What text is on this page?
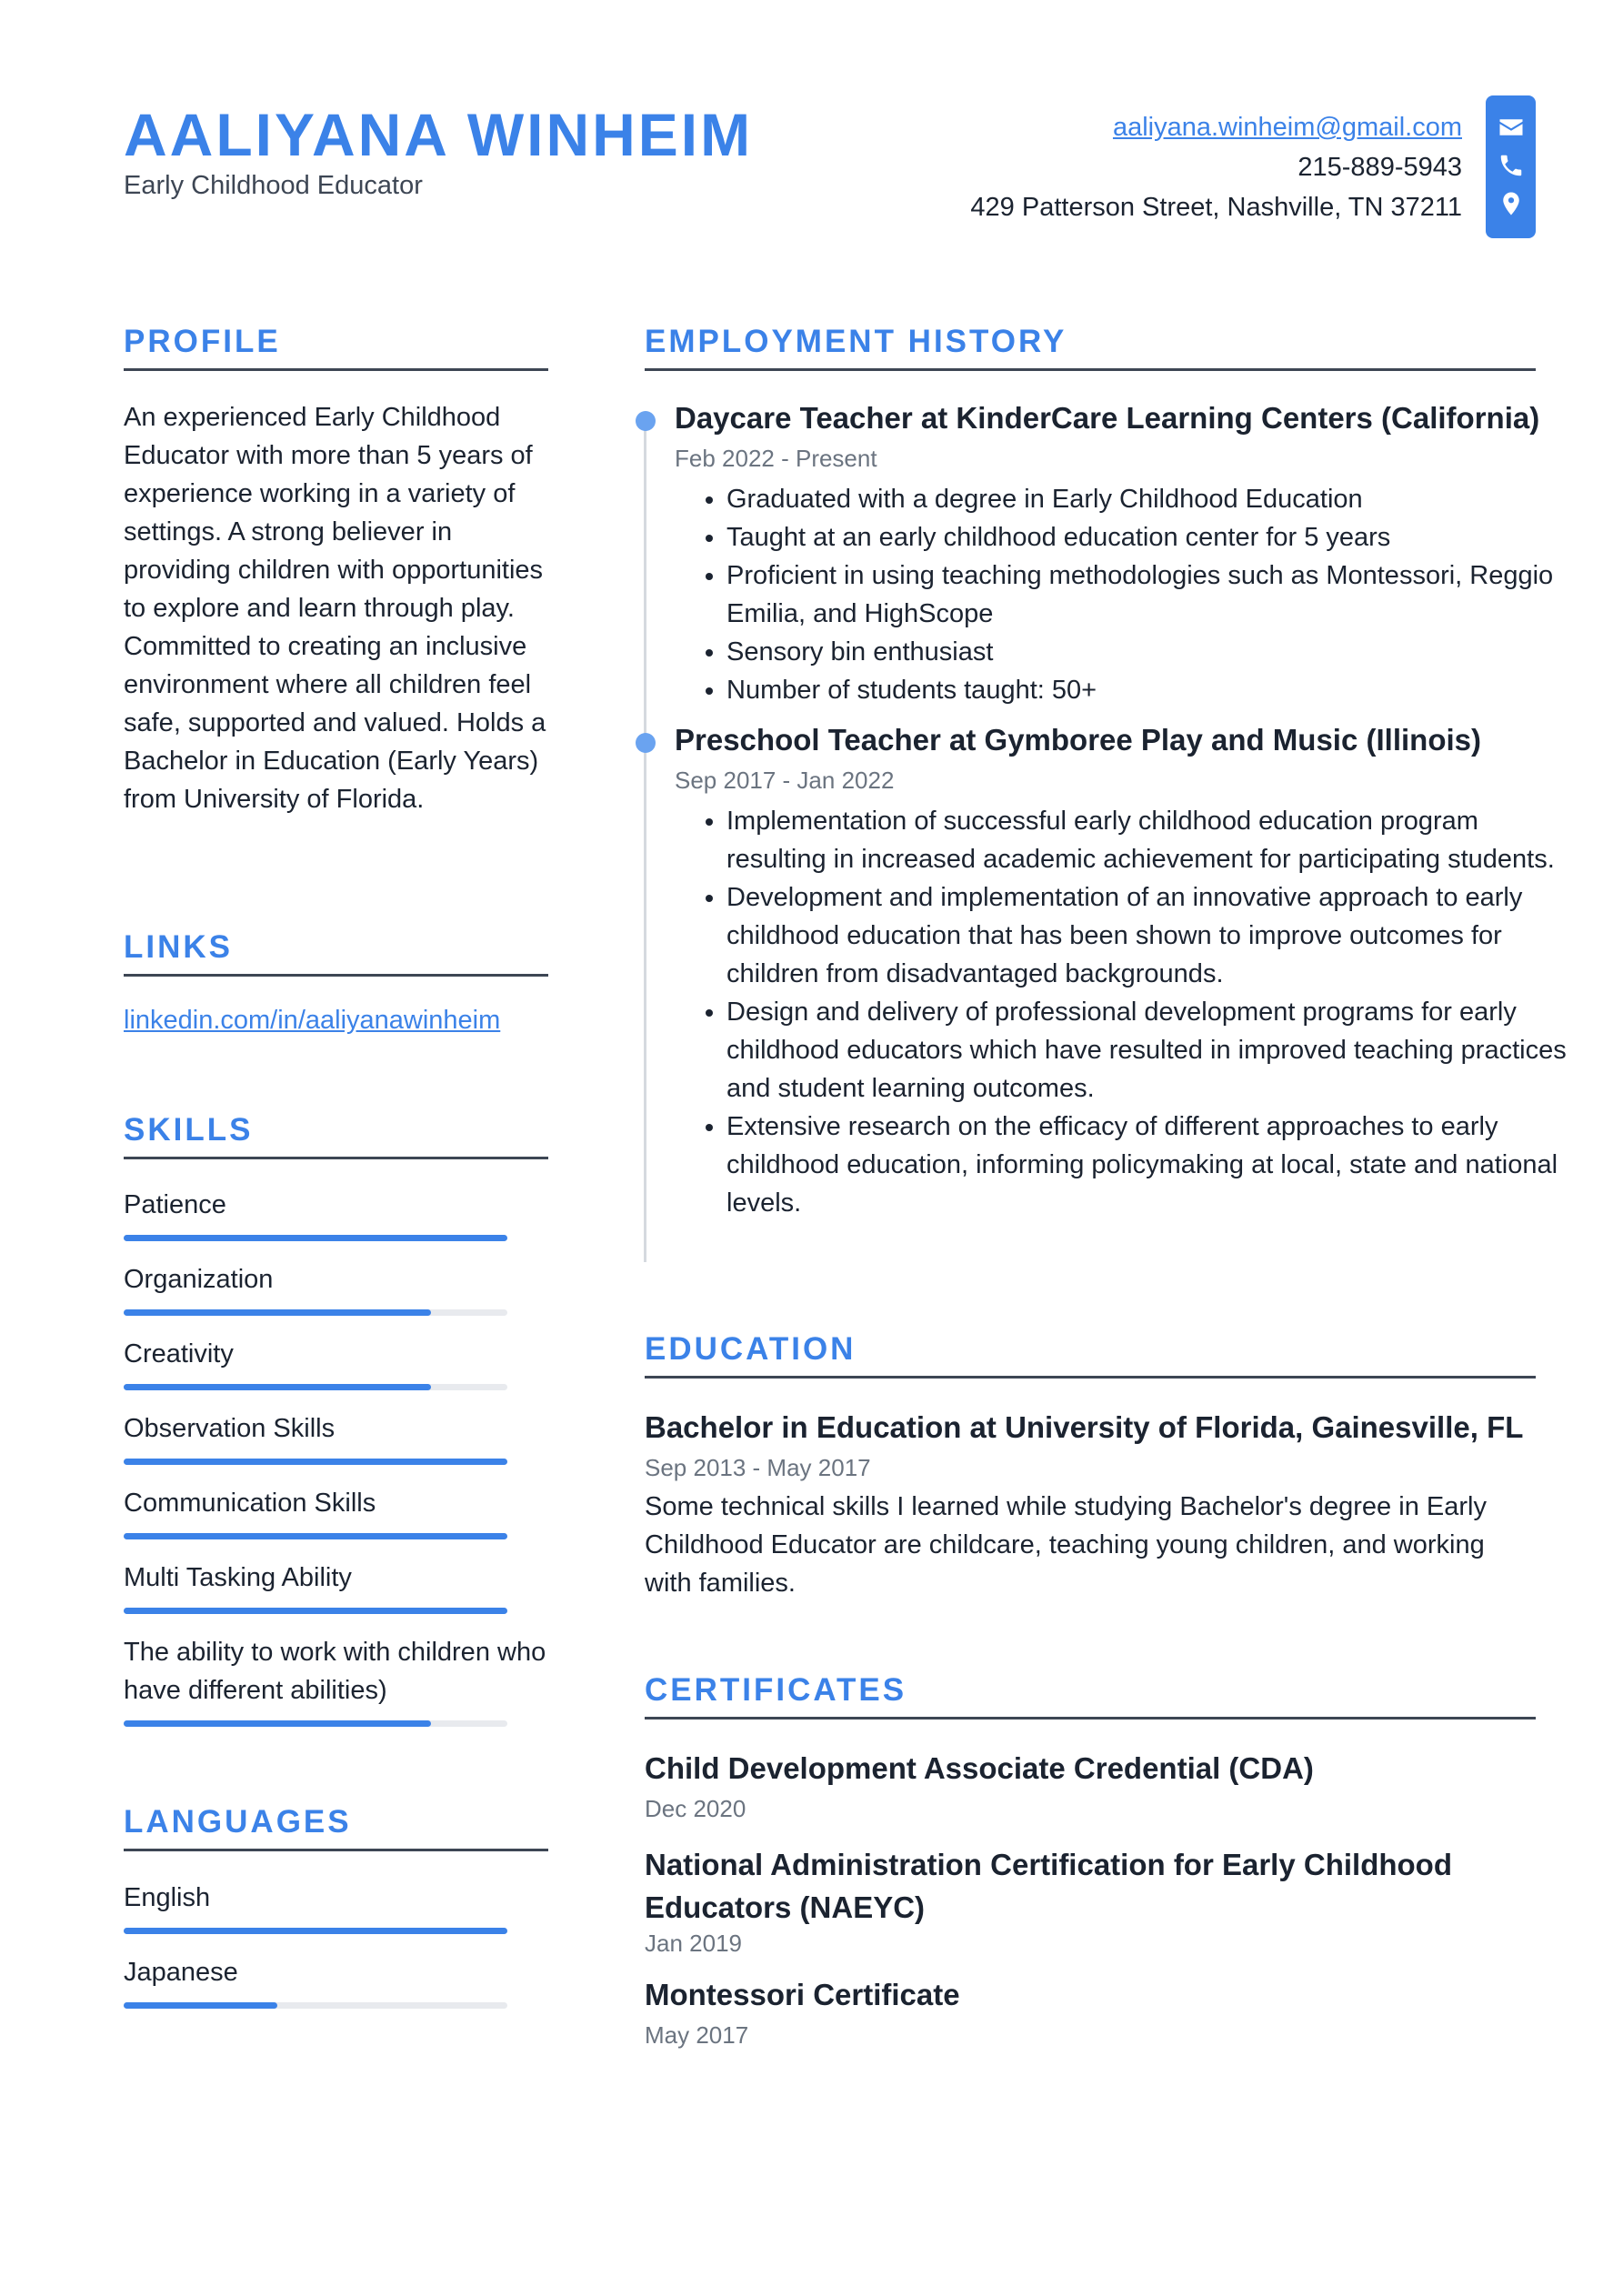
AALIYANA WINHEIM
Early Childhood Educator
aaliyana.winheim@gmail.com
215-889-5943
429 Patterson Street, Nashville, TN 37211
PROFILE
An experienced Early Childhood Educator with more than 5 years of experience working in a variety of settings. A strong believer in providing children with opportunities to explore and learn through play. Committed to creating an inclusive environment where all children feel safe, supported and valued. Holds a Bachelor in Education (Early Years) from University of Florida.
LINKS
linkedin.com/in/aaliyanawinheim
SKILLS
Patience
Organization
Creativity
Observation Skills
Communication Skills
Multi Tasking Ability
The ability to work with children who have different abilities)
LANGUAGES
English
Japanese
EMPLOYMENT HISTORY
Daycare Teacher at KinderCare Learning Centers (California)
Feb 2022 - Present
• Graduated with a degree in Early Childhood Education
• Taught at an early childhood education center for 5 years
• Proficient in using teaching methodologies such as Montessori, Reggio Emilia, and HighScope
• Sensory bin enthusiast
• Number of students taught: 50+
Preschool Teacher at Gymboree Play and Music (Illinois)
Sep 2017 - Jan 2022
• Implementation of successful early childhood education program resulting in increased academic achievement for participating students.
• Development and implementation of an innovative approach to early childhood education that has been shown to improve outcomes for children from disadvantaged backgrounds.
• Design and delivery of professional development programs for early childhood educators which have resulted in improved teaching practices and student learning outcomes.
• Extensive research on the efficacy of different approaches to early childhood education, informing policymaking at local, state and national levels.
EDUCATION
Bachelor in Education at University of Florida, Gainesville, FL
Sep 2013 - May 2017
Some technical skills I learned while studying Bachelor's degree in Early Childhood Educator are childcare, teaching young children, and working with families.
CERTIFICATES
Child Development Associate Credential (CDA)
Dec 2020
National Administration Certification for Early Childhood Educators (NAEYC)
Jan 2019
Montessori Certificate
May 2017
